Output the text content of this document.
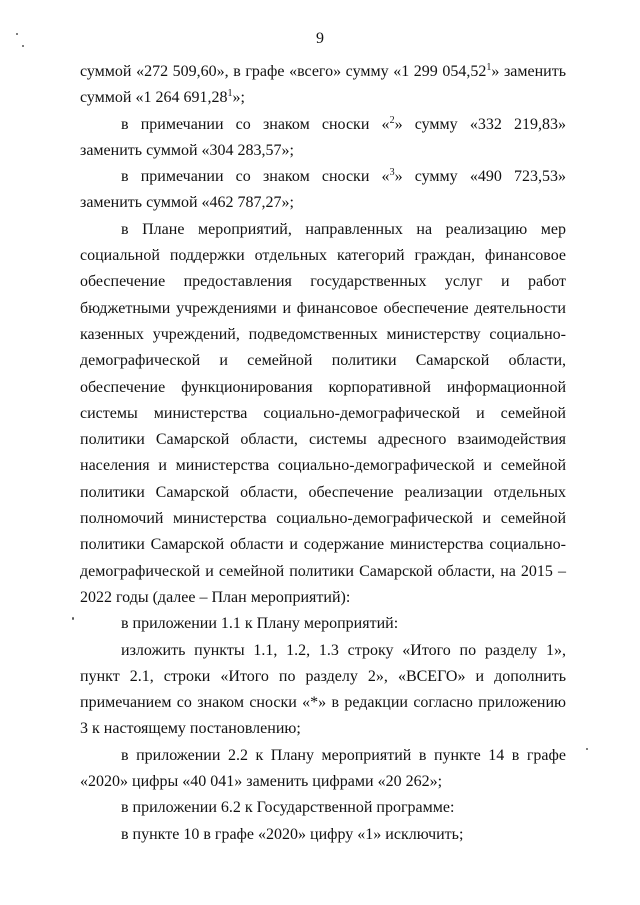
9

суммой «272 509,60», в графе «всего» сумму «1 299 054,52$^1$» заменить суммой «1 264 691,28$^1$»;

в примечании со знаком сноски «$^2$» сумму «332 219,83» заменить суммой «304 283,57»;

в примечании со знаком сноски «$^3$» сумму «490 723,53» заменить суммой «462 787,27»;

в Плане мероприятий, направленных на реализацию мер социальной поддержки отдельных категорий граждан, финансовое обеспечение предоставления государственных услуг и работ бюджетными учреждениями и финансовое обеспечение деятельности казенных учреждений, подведомственных министерству социально-демографической и семейной политики Самарской области, обеспечение функционирования корпоративной информационной системы министерства социально-демографической и семейной политики Самарской области, системы адресного взаимодействия населения и министерства социально-демографической и семейной политики Самарской области, обеспечение реализации отдельных полномочий министерства социально-демографической и семейной политики Самарской области и содержание министерства социально-демографической и семейной политики Самарской области, на 2015 – 2022 годы (далее – План мероприятий):

в приложении 1.1 к Плану мероприятий:

изложить пункты 1.1, 1.2, 1.3 строку «Итого по разделу 1», пункт 2.1, строки «Итого по разделу 2», «ВСЕГО» и дополнить примечанием со знаком сноски «*» в редакции согласно приложению 3 к настоящему постановлению;

в приложении 2.2 к Плану мероприятий в пункте 14 в графе «2020» цифры «40 041» заменить цифрами «20 262»;

в приложении 6.2 к Государственной программе:

в пункте 10 в графе «2020» цифру «1» исключить;
